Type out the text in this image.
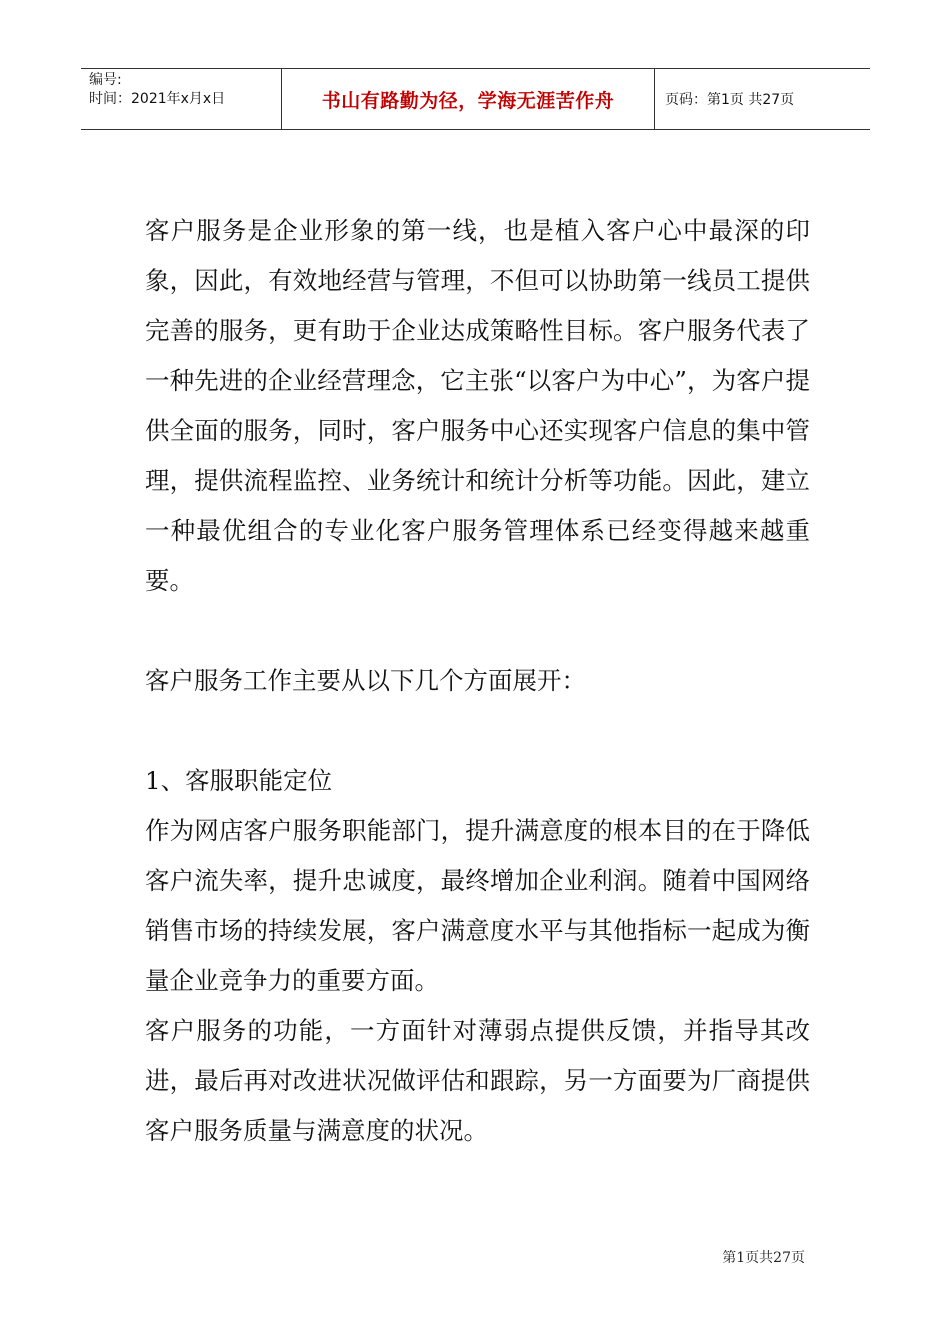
编号:
时间：2021年x月x日	书山有路勤为径，学海无涯苦作舟	页码：第1页 共27页

客户服务是企业形象的第一线，也是植入客户心中最深的印象，因此，有效地经营与管理，不但可以协助第一线员工提供完善的服务，更有助于企业达成策略性目标。客户服务代表了一种先进的企业经营理念，它主张“以客户为中心”，为客户提供全面的服务，同时，客户服务中心还实现客户信息的集中管理，提供流程监控、业务统计和统计分析等功能。因此，建立一种最优组合的专业化客户服务管理体系已经变得越来越重要。

客户服务工作主要从以下几个方面展开：

1、客服职能定位

作为网店客户服务职能部门，提升满意度的根本目的在于降低客户流失率，提升忠诚度，最终增加企业利润。随着中国网络销售市场的持续发展，客户满意度水平与其他指标一起成为衡量企业竞争力的重要方面。

客户服务的功能，一方面针对薄弱点提供反馈，并指导其改进，最后再对改进状况做评估和跟踪，另一方面要为厂商提供客户服务质量与满意度的状况。

第1页共27页
